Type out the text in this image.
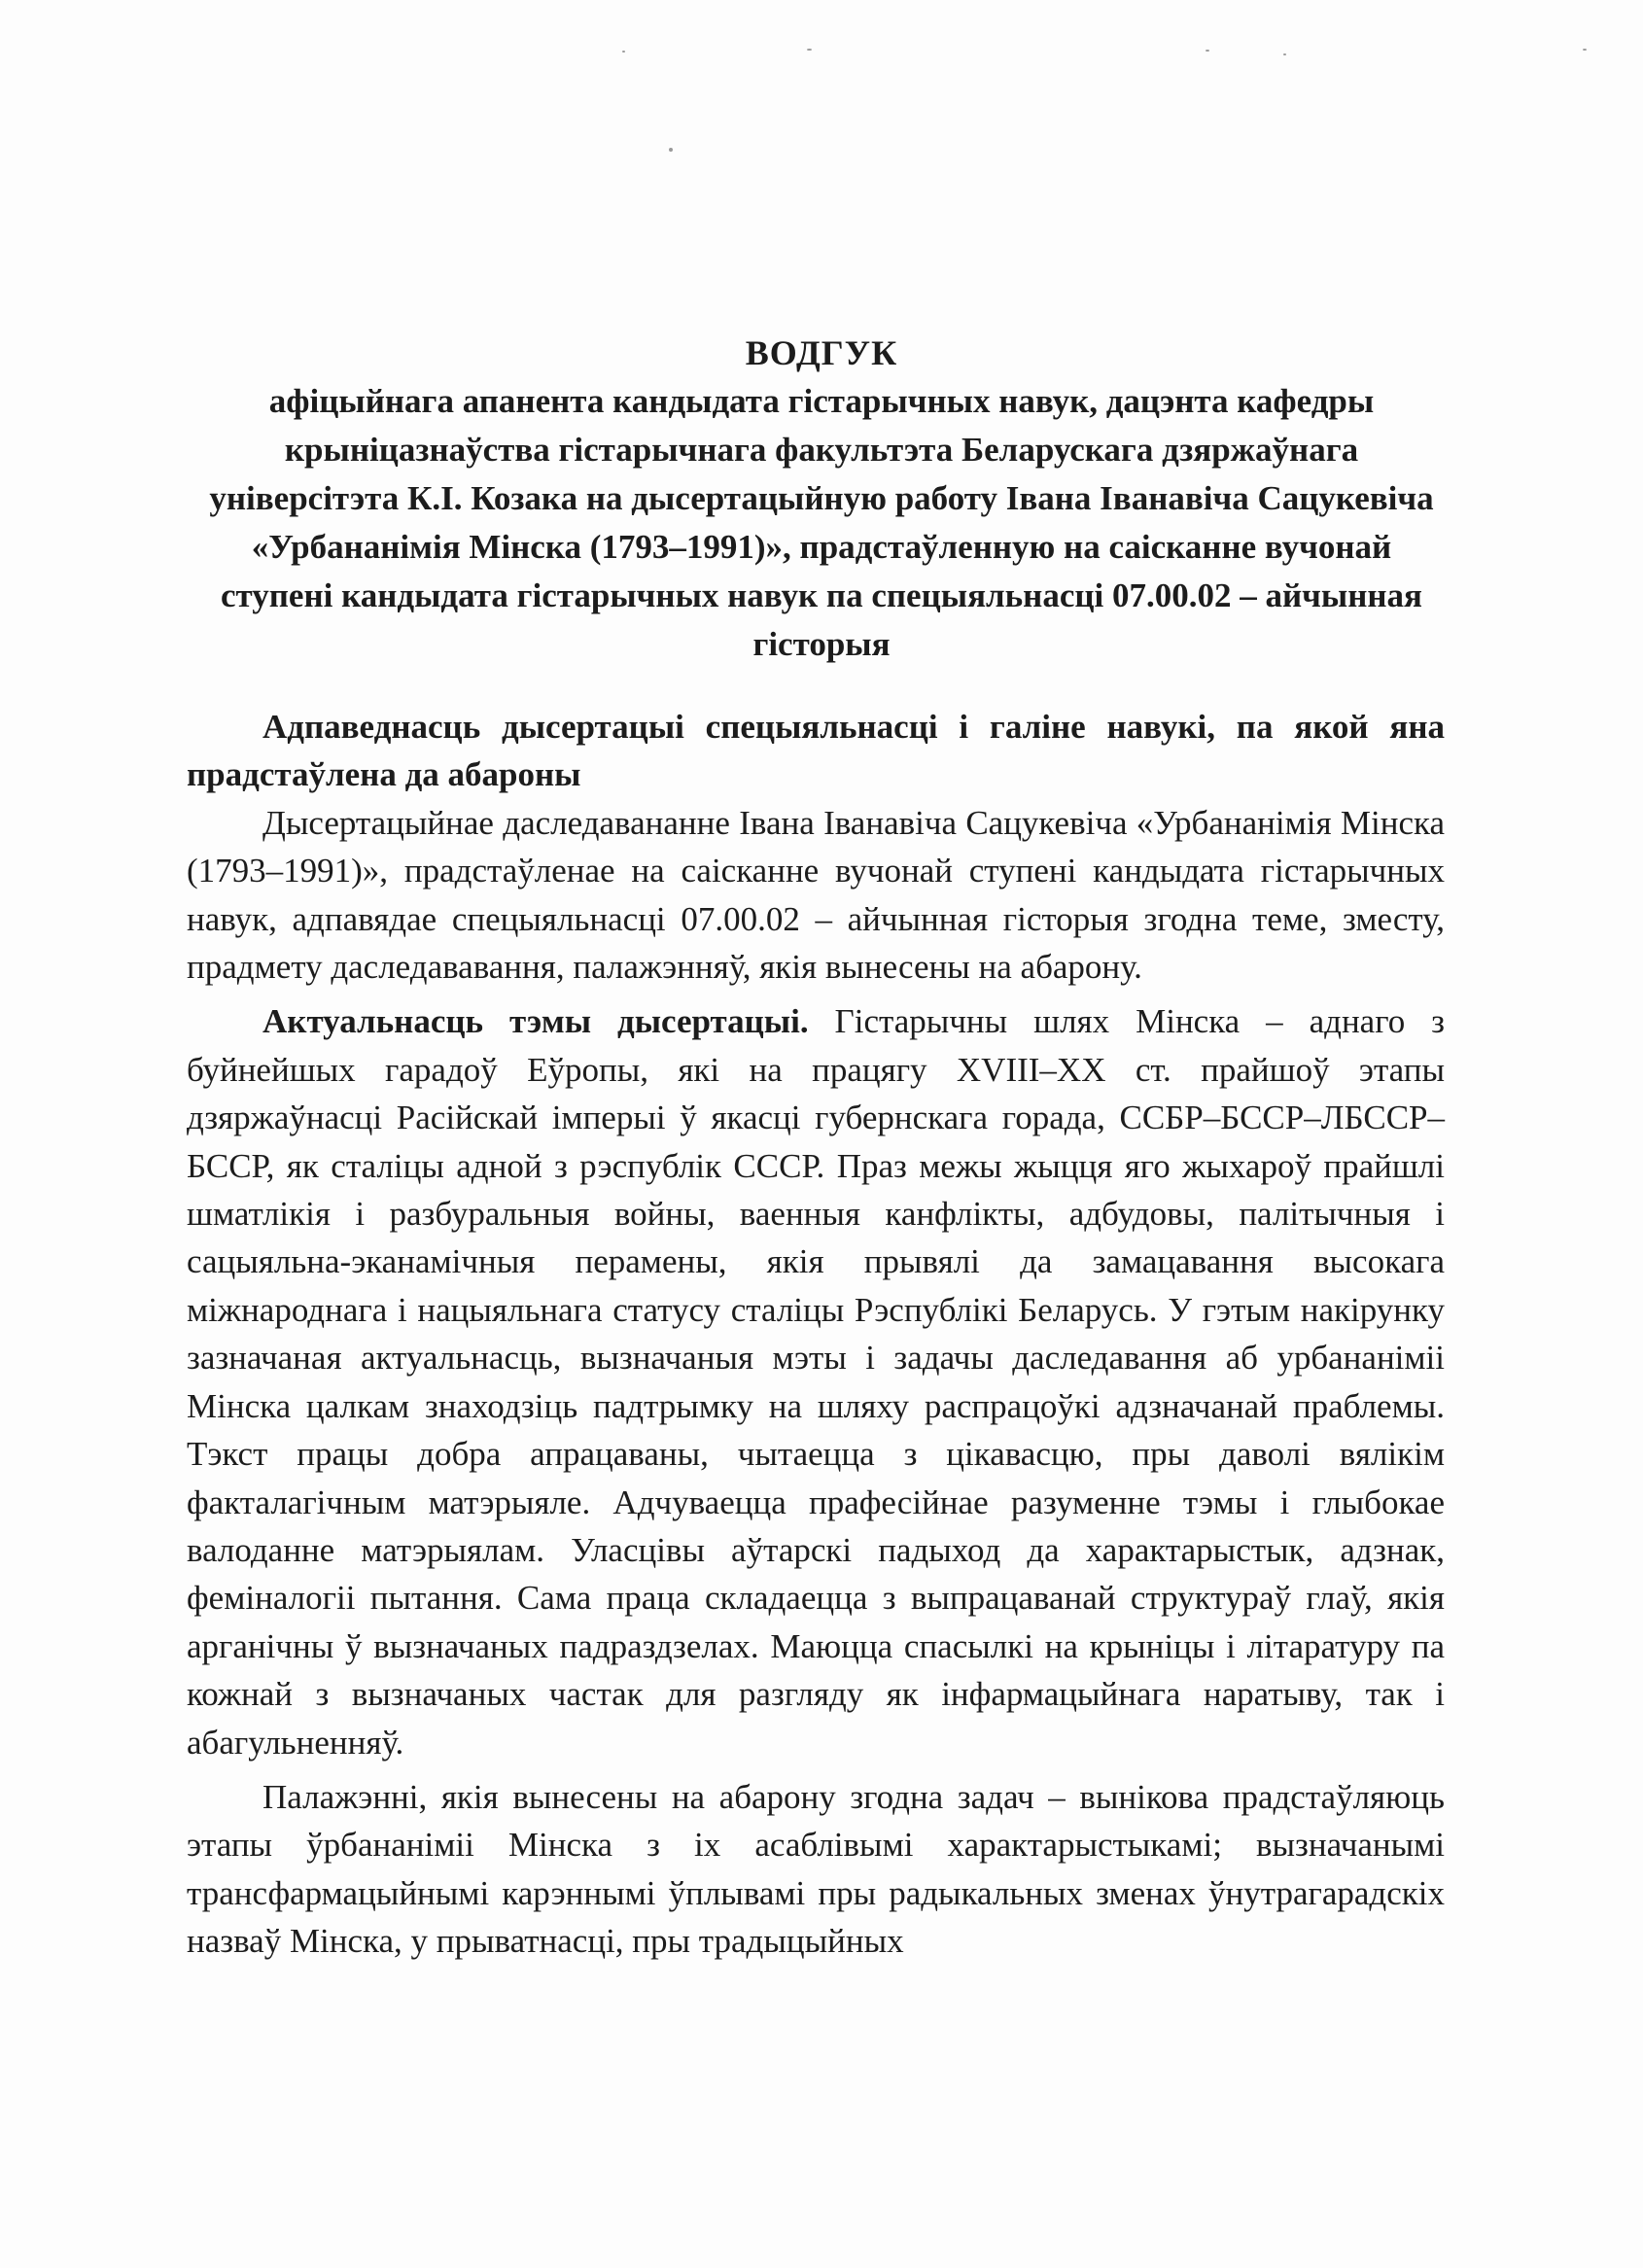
ВОДГУК
афіцыйнага апанента кандыдата гістарычных навук, дацэнта кафедры крыніцазнаўства гістарычнага факультэта Беларускага дзяржаўнага універсітэта К.І. Козака на дысертацыйную работу Івана Іванавіча Сацукевіча «Урбананімія Мінска (1793–1991)», прадстаўленную на саісканне вучонай ступені кандыдата гістарычных навук па спецыяльнасці 07.00.02 – айчынная гісторыя
Адпаведнасць дысертацыі спецыяльнасці і галіне навукі, па якой яна прадстаўлена да абароны

Дысертацыйнае даследавананне Івана Іванавіча Сацукевіча «Урбананімія Мінска (1793–1991)», прадстаўленае на саісканне вучонай ступені кандыдата гістарычных навук, адпавядае спецыяльнасці 07.00.02 – айчынная гісторыя згодна теме, зместу, прадмету даследававання, палажэнняў, якія вынесены на абарону.

Актуальнасць тэмы дысертацыі. Гістарычны шлях Мінска – аднаго з буйнейшых гарадоў Еўропы, які на працягу XVIII–XX ст. прайшоў этапы дзяржаўнасці Расійскай імперыі ў якасці губернскага горада, ССБР–БССР–ЛБССР– БССР, як сталіцы адной з рэспублік СССР. Праз межы жыцця яго жыхароў прайшлі шматлікія і разбуральныя войны, ваенныя канфлікты, адбудовы, палітычныя і сацыяльна-эканамічныя перамены, якія прывялі да замацавання высокага міжнароднага і нацыяльнага статусу сталіцы Рэспублікі Беларусь. У гэтым накірунку зазначаная актуальнасць, вызначаныя мэты і задачы даследавання аб урбананіміі Мінска цалкам знаходзіць падтрымку на шляху распрацоўкі адзначанай праблемы. Тэкст працы добра апрацаваны, чытаецца з цікавасцю, пры даволі вялікім факталагічным матэрыяле. Адчуваецца прафесійнае разуменне тэмы і глыбокае валоданне матэрыялам. Уласцівы аўтарскі падыход да характарыстык, адзнак, феміналогіі пытання. Сама праца складаецца з выпрацаванай структураў глаў, якія арганічны ў вызначаных падраздзелах. Маюцца спасылкі на крыніцы і літаратуру па кожнай з вызначаных частак для разгляду як інфармацыйнага наратыву, так і абагульненняў.

Палажэнні, якія вынесены на абарону згодна задач – вынікова прадстаўляюць этапы ўрбананіміі Мінска з іх асаблівымі характарыстыкамі; вызначанымі трансфармацыйнымі карэннымі ўплывамі пры радыкальных зменах ўнутрагарадскіх назваў Мінска, у прыватнасці, пры традыцыйных
